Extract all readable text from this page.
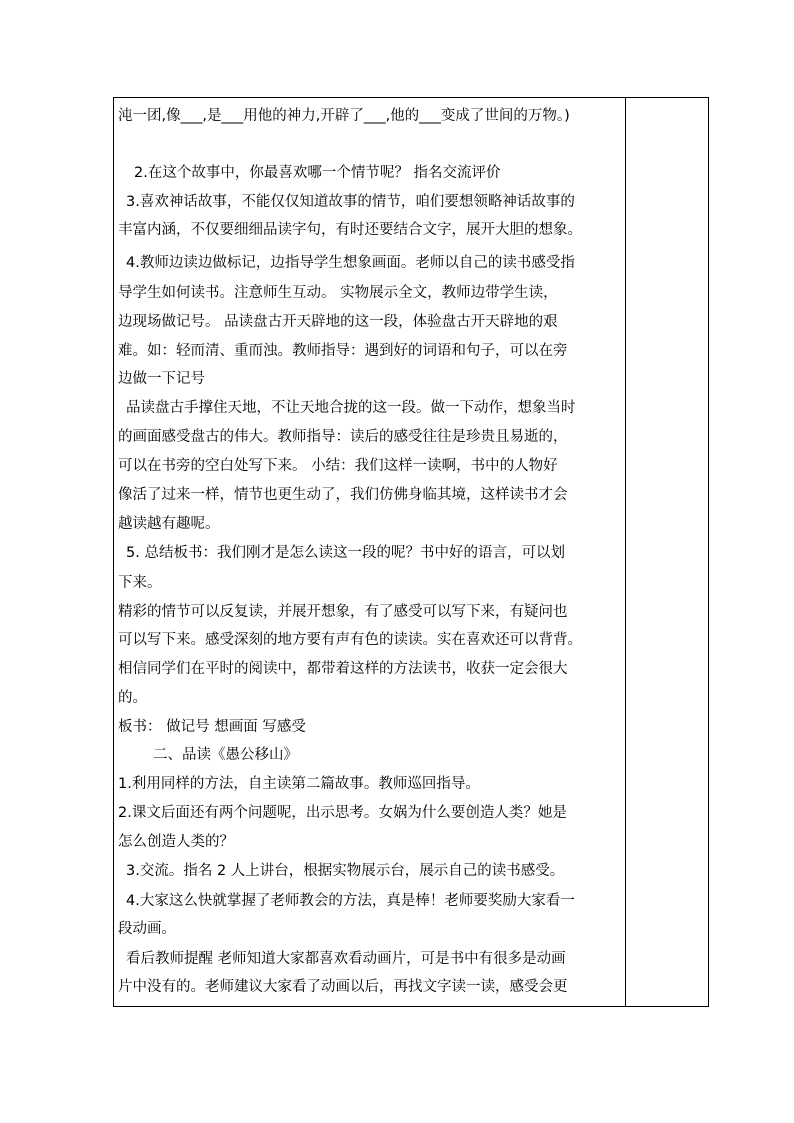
沌一团,像___,是___用他的神力,开辟了___,他的___变成了世间的万物。)
2.在这个故事中，你最喜欢哪一个情节呢？ 指名交流评价
3.喜欢神话故事，不能仅仅知道故事的情节，咱们要想领略神话故事的
丰富内涵，不仅要细细品读字句，有时还要结合文字，展开大胆的想象。
4.教师边读边做标记，边指导学生想象画面。老师以自己的读书感受指
导学生如何读书。注意师生互动。 实物展示全文，教师边带学生读，
边现场做记号。 品读盘古开天辟地的这一段，体验盘古开天辟地的艰
难。如：轻而清、重而浊。教师指导：遇到好的词语和句子，可以在旁
边做一下记号
品读盘古手撑住天地，不让天地合拢的这一段。做一下动作，想象当时
的画面感受盘古的伟大。教师指导：读后的感受往往是珍贵且易逝的，
可以在书旁的空白处写下来。 小结：我们这样一读啊，书中的人物好
像活了过来一样，情节也更生动了，我们仿佛身临其境，这样读书才会
越读越有趣呢。
5. 总结板书：我们刚才是怎么读这一段的呢？书中好的语言，可以划
下来。
精彩的情节可以反复读，并展开想象，有了感受可以写下来，有疑问也
可以写下来。感受深刻的地方要有声有色的读读。实在喜欢还可以背背。
相信同学们在平时的阅读中，都带着这样的方法读书，收获一定会很大
的。
板书： 做记号 想画面 写感受
二、品读《愚公移山》
1.利用同样的方法，自主读第二篇故事。教师巡回指导。
2.课文后面还有两个问题呢，出示思考。女娲为什么要创造人类？她是
怎么创造人类的？
3.交流。指名 2 人上讲台，根据实物展示台，展示自己的读书感受。
4.大家这么快就掌握了老师教会的方法，真是棒！老师要奖励大家看一
段动画。
看后教师提醒 老师知道大家都喜欢看动画片，可是书中有很多是动画
片中没有的。老师建议大家看了动画以后，再找文字读一读，感受会更
